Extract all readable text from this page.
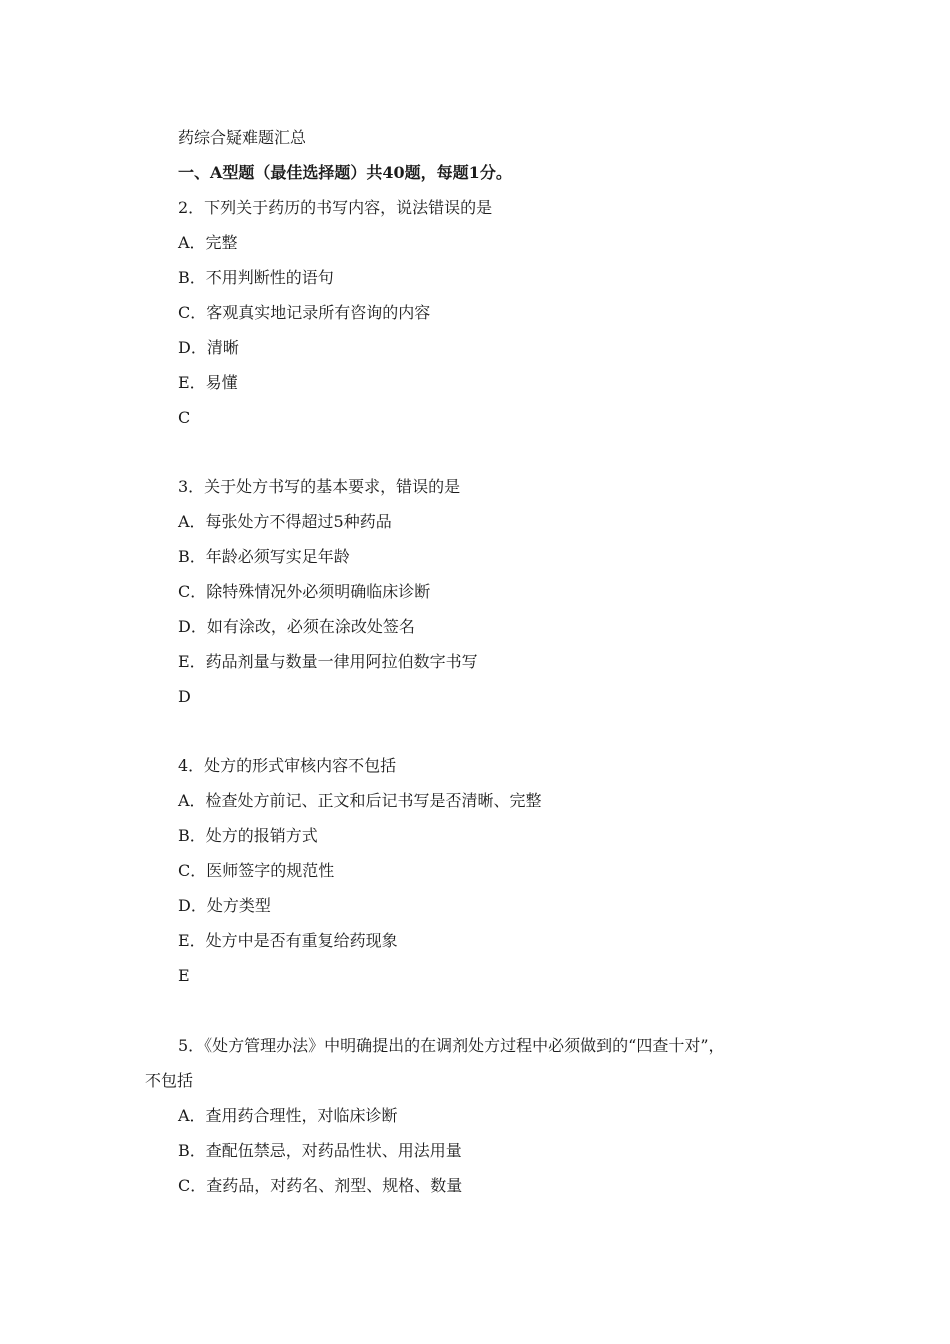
药综合疑难题汇总
一、A型题（最佳选择题）共40题，每题1分。
2．下列关于药历的书写内容，说法错误的是
A．完整
B．不用判断性的语句
C．客观真实地记录所有咨询的内容
D．清晰
E．易懂
C
3．关于处方书写的基本要求，错误的是
A．每张处方不得超过5种药品
B．年龄必须写实足年龄
C．除特殊情况外必须明确临床诊断
D．如有涂改，必须在涂改处签名
E．药品剂量与数量一律用阿拉伯数字书写
D
4．处方的形式审核内容不包括
A．检查处方前记、正文和后记书写是否清晰、完整
B．处方的报销方式
C．医师签字的规范性
D．处方类型
E．处方中是否有重复给药现象
E
5．《处方管理办法》中明确提出的在调剂处方过程中必须做到的“四查十对”，
不包括
A．查用药合理性，对临床诊断
B．查配伍禁忌，对药品性状、用法用量
C．查药品，对药名、剂型、规格、数量
